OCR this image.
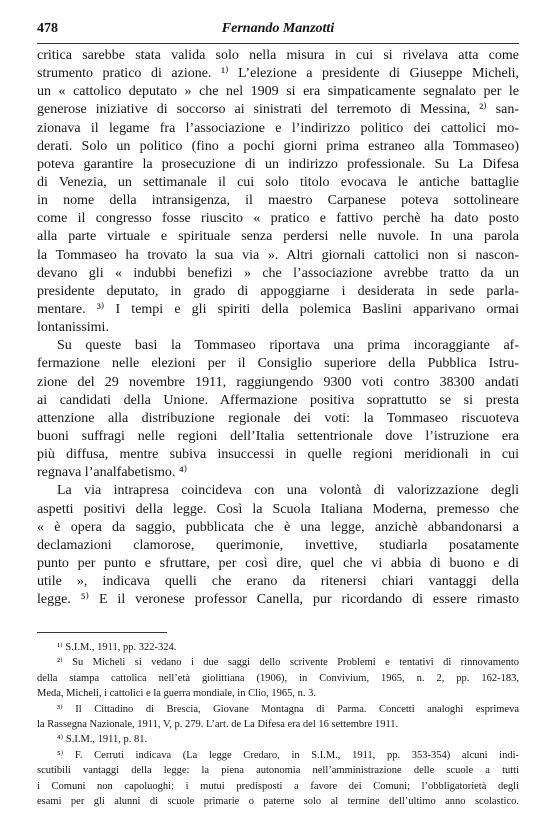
478	Fernando Manzotti
critica sarebbe stata valida solo nella misura in cui si rivelava atta come
strumento pratico di azione. ¹⁾ L’elezione a presidente di Giuseppe Micheli,
un « cattolico deputato » che nel 1909 si era simpaticamente segnalato per le
generose iniziative di soccorso ai sinistrati del terremoto di Messina, ²⁾ san-
zionava il legame fra l’associazione e l’indirizzo politico dei cattolici mo-
derati. Solo un politico (fino a pochi giorni prima estraneo alla Tommaseo)
poteva garantire la prosecuzione di un indirizzo professionale. Su La Difesa
di Venezia, un settimanale il cui solo titolo evocava le antiche battaglie
in nome della intransigenza, il maestro Carpanese poteva sottolineare
come il congresso fosse riuscito « pratico e fattivo perchè ha dato posto
alla parte virtuale e spirituale senza perdersi nelle nuvole. In una parola
la Tommaseo ha trovato la sua via ». Altri giornali cattolici non si nascon-
devano gli « indubbi benefizi » che l’associazione avrebbe tratto da un
presidente deputato, in grado di appoggiarne i desiderata in sede parla-
mentare. ³⁾ I tempi e gli spiriti della polemica Baslini apparivano ormai
lontanissimi.
Su queste basi la Tommaseo riportava una prima incoraggiante af-
fermazione nelle elezioni per il Consiglio superiore della Pubblica Istru-
zione del 29 novembre 1911, raggiungendo 9300 voti contro 38300 andati
ai candidati della Unione. Affermazione positiva soprattutto se si presta
attenzione alla distribuzione regionale dei voti: la Tommaseo riscuoteva
buoni suffragi nelle regioni dell’Italia settentrionale dove l’istruzione era
più diffusa, mentre subiva insuccessi in quelle regioni meridionali in cui
regnava l’analfabetismo. ⁴⁾
La via intrapresa coincideva con una volontà di valorizzazione degli
aspetti positivi della legge. Così la Scuola Italiana Moderna, premesso che
« è opera da saggio, pubblicata che è una legge, anzichè abbandonarsi a
declamazioni clamorose, querimonie, invettive, studiarla posatamente
punto per punto e sfruttare, per così dire, quel che vi abbia di buono e di
utile », indicava quelli che erano da ritenersi chiari vantaggi della
legge. ⁵⁾ E il veronese professor Canella, pur ricordando di essere rimasto
¹⁾ S.I.M., 1911, pp. 322-324.
²⁾ Su Micheli si vedano i due saggi dello scrivente Problemi e tentativi di rinnovamento
della stampa cattolica nell’età giolittiana (1906), in Convivium, 1965, n. 2, pp. 162-183,
Meda, Micheli, i cattolici e la guerra mondiale, in Clio, 1965, n. 3.
³⁾ Il Cittadino di Brescia, Giovane Montagna di Parma. Concetti analoghi esprimeva
la Rassegna Nazionale, 1911, V, p. 279. L’art. de La Difesa era del 16 settembre 1911.
⁴⁾ S.I.M., 1911, p. 81.
⁵⁾ F. Cerruti indicava (La legge Credaro, in S.I.M., 1911, pp. 353-354) alcuni indi-
scutibili vantaggi della legge: la piena autonomia nell’amministrazione delle scuole a tutti
i Comuni non capoluoghi; i mutui predisposti a favore dei Comuni; l’obbligatorietà degli
esami per gli alunni di scuole primarie o paterne solo al termine dell’ultimo anno scolastico.
